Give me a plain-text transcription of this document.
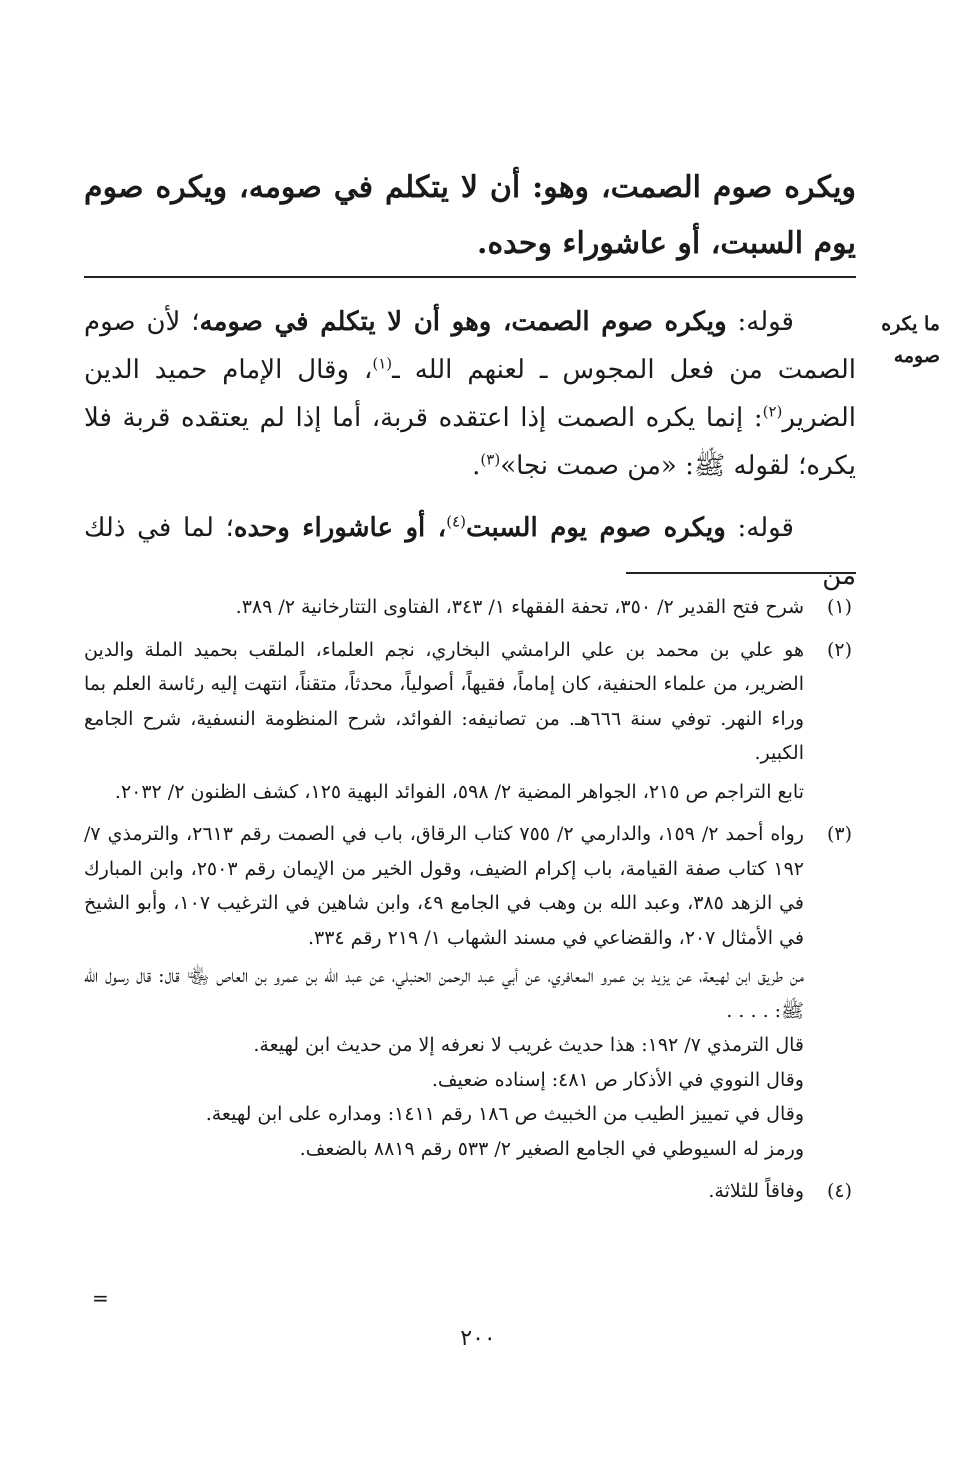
ويكره صوم الصمت، وهو: أن لا يتكلم في صومه، ويكره صوم يوم السبت، أو عاشوراء وحده.
ما يكره
صومه

قوله: ويكره صوم الصمت، وهو أن لا يتكلم في صومه؛ لأن صوم الصمت من فعل المجوس ـ لعنهم الله ـ$^{(١)}$، وقال الإمام حميد الدين الضرير$^{(٢)}$: إنما يكره الصمت إذا اعتقده قربة، أما إذا لم يعتقده قربة فلا يكره؛ لقوله ﷺ: «من صمت نجا»$^{(٣)}$.

قوله: ويكره صوم يوم السبت$^{(٤)}$، أو عاشوراء وحده؛ لما في ذلك من

(١)
شرح فتح القدير ٢/ ٣٥٠، تحفة الفقهاء ١/ ٣٤٣، الفتاوى التتارخانية ٢/ ٣٨٩.
(٢)
هو علي بن محمد بن علي الرامشي البخاري، نجم العلماء، الملقب بحميد الملة والدين الضرير، من علماء الحنفية، كان إماماً، فقيهاً، أصولياً، محدثاً، متقناً، انتهت إليه رئاسة العلم بما وراء النهر. توفي سنة ٦٦٦هـ. من تصانيفه: الفوائد، شرح المنظومة النسفية، شرح الجامع الكبير.
تابع التراجم ص ٢١٥، الجواهر المضية ٢/ ٥٩٨، الفوائد البهية ١٢٥، كشف الظنون ٢/ ٢٠٣٢.
(٣)
رواه أحمد ٢/ ١٥٩، والدارمي ٢/ ٧٥٥ كتاب الرقاق، باب في الصمت رقم ٢٦١٣، والترمذي ٧/ ١٩٢ كتاب صفة القيامة، باب إكرام الضيف، وقول الخير من الإيمان رقم ٢٥٠٣، وابن المبارك في الزهد ٣٨٥، وعبد الله بن وهب في الجامع ٤٩، وابن شاهين في الترغيب ١٠٧، وأبو الشيخ في الأمثال ٢٠٧، والقضاعي في مسند الشهاب ١/ ٢١٩ رقم ٣٣٤.
من طريق ابن لهيعة، عن يزيد بن عمرو المعافري، عن أبي عبد الرحمن الحنبلي، عن عبد الله بن عمرو بن العاص ﵄ قال: قال رسول الله ﷺ: . . . .
قال الترمذي ٧/ ١٩٢: هذا حديث غريب لا نعرفه إلا من حديث ابن لهيعة.
وقال النووي في الأذكار ص ٤٨١: إسناده ضعيف.
وقال في تمييز الطيب من الخبيث ص ١٨٦ رقم ١٤١١: ومداره على ابن لهيعة.
ورمز له السيوطي في الجامع الصغير ٢/ ٥٣٣ رقم ٨٨١٩ بالضعف.
(٤)
وفاقاً للثلاثة.
=
٢٠٠
